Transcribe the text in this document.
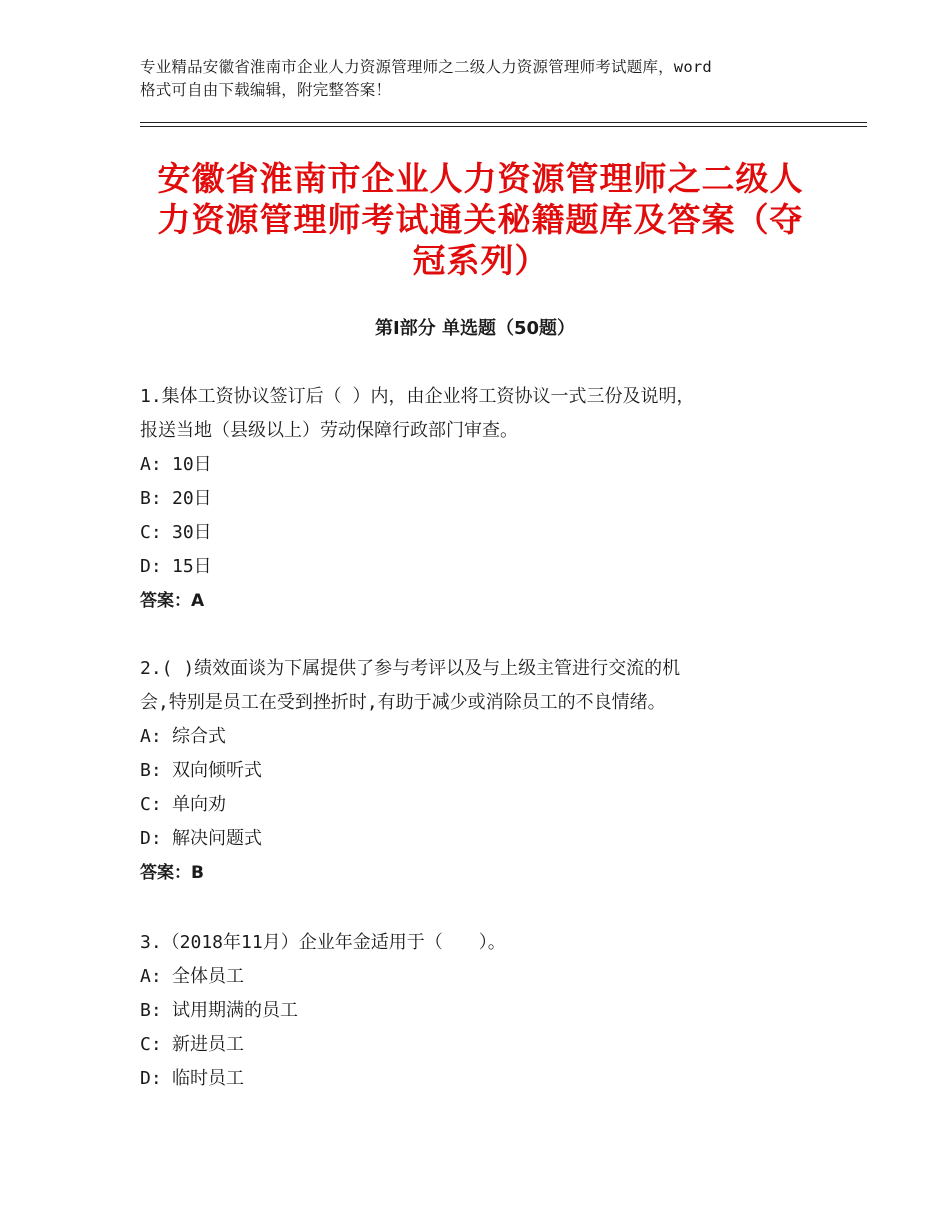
专业精品安徽省淮南市企业人力资源管理师之二级人力资源管理师考试题库，word
格式可自由下载编辑，附完整答案！
安徽省淮南市企业人力资源管理师之二级人
力资源管理师考试通关秘籍题库及答案（夺
冠系列）
第Ⅰ部分 单选题（50题）

1.集体工资协议签订后（ ）内，由企业将工资协议一式三份及说明，

报送当地（县级以上）劳动保障行政部门审查。

A: 10日

B: 20日

C: 30日

D: 15日

答案：A

2.( )绩效面谈为下属提供了参与考评以及与上级主管进行交流的机

会,特别是员工在受到挫折时,有助于减少或消除员工的不良情绪。

A: 综合式

B: 双向倾听式

C: 单向劝

D: 解决问题式

答案：B

3.（2018年11月）企业年金适用于（　　）。

A: 全体员工

B: 试用期满的员工

C: 新进员工

D: 临时员工
